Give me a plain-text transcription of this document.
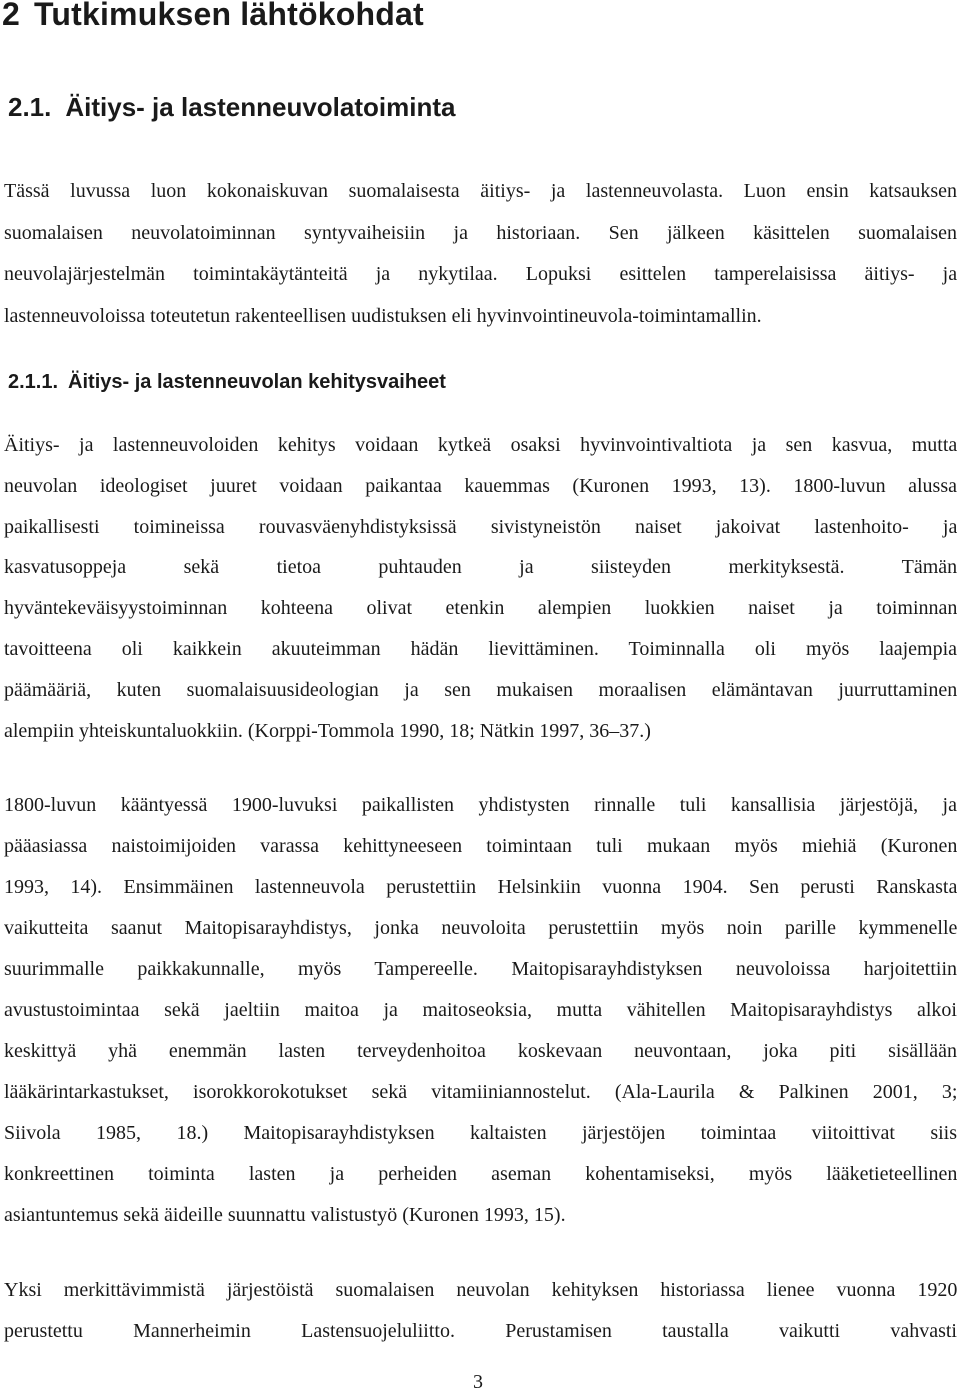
2 Tutkimuksen lähtökohdat
2.1. Äitiys- ja lastenneuvolatoiminta
Tässä luvussa luon kokonaiskuvan suomalaisesta äitiys- ja lastenneuvolasta. Luon ensin katsauksen
suomalaisen neuvolatoiminnan syntyvaiheisiin ja historiaan. Sen jälkeen käsittelen suomalaisen
neuvolajärjestelmän toimintakäytänteitä ja nykytilaa. Lopuksi esittelen tamperelaisissa äitiys- ja
lastenneuvoloissa toteutetun rakenteellisen uudistuksen eli hyvinvointineuvola-toimintamallin.
2.1.1. Äitiys- ja lastenneuvolan kehitysvaiheet
Äitiys- ja lastenneuvoloiden kehitys voidaan kytkeä osaksi hyvinvointivaltiota ja sen kasvua, mutta
neuvolan ideologiset juuret voidaan paikantaa kauemmas (Kuronen 1993, 13). 1800-luvun alussa
paikallisesti toimineissa rouvasväenyhdistyksissä sivistyneistön naiset jakoivat lastenhoito- ja
kasvatusoppeja sekä tietoa puhtauden ja siisteyden merkityksestä. Tämän
hyväntekeväisyystoiminnan kohteena olivat etenkin alempien luokkien naiset ja toiminnan
tavoitteena oli kaikkein akuuteimman hädän lievittäminen. Toiminnalla oli myös laajempia
päämääriä, kuten suomalaisuusideologian ja sen mukaisen moraalisen elämäntavan juurruttaminen
alempiin yhteiskuntaluokkiin. (Korppi-Tommola 1990, 18; Nätkin 1997, 36–37.)
1800-luvun kääntyessä 1900-luvuksi paikallisten yhdistysten rinnalle tuli kansallisia järjestöjä, ja
pääasiassa naistoimijoiden varassa kehittyneeseen toimintaan tuli mukaan myös miehiä (Kuronen
1993, 14). Ensimmäinen lastenneuvola perustettiin Helsinkiin vuonna 1904. Sen perusti Ranskasta
vaikutteita saanut Maitopisarayhdistys, jonka neuvoloita perustettiin myös noin parille kymmenelle
suurimmalle paikkakunnalle, myös Tampereelle. Maitopisarayhdistyksen neuvoloissa harjoitettiin
avustustoimintaa sekä jaeltiin maitoa ja maitoseoksia, mutta vähitellen Maitopisarayhdistys alkoi
keskittyä yhä enemmän lasten terveydenhoitoa koskevaan neuvontaan, joka piti sisällään
lääkärintarkastukset, isorokkorokotukset sekä vitamiiniannostelut. (Ala-Laurila & Palkinen 2001, 3;
Siivola 1985, 18.) Maitopisarayhdistyksen kaltaisten järjestöjen toimintaa viitoittivat siis
konkreettinen toiminta lasten ja perheiden aseman kohentamiseksi, myös lääketieteellinen
asiantuntemus sekä äideille suunnattu valistustyö (Kuronen 1993, 15).
Yksi merkittävimmistä järjestöistä suomalaisen neuvolan kehityksen historiassa lienee vuonna 1920
perustettu Mannerheimin Lastensuojeluliitto. Perustamisen taustalla vaikutti vahvasti
3
